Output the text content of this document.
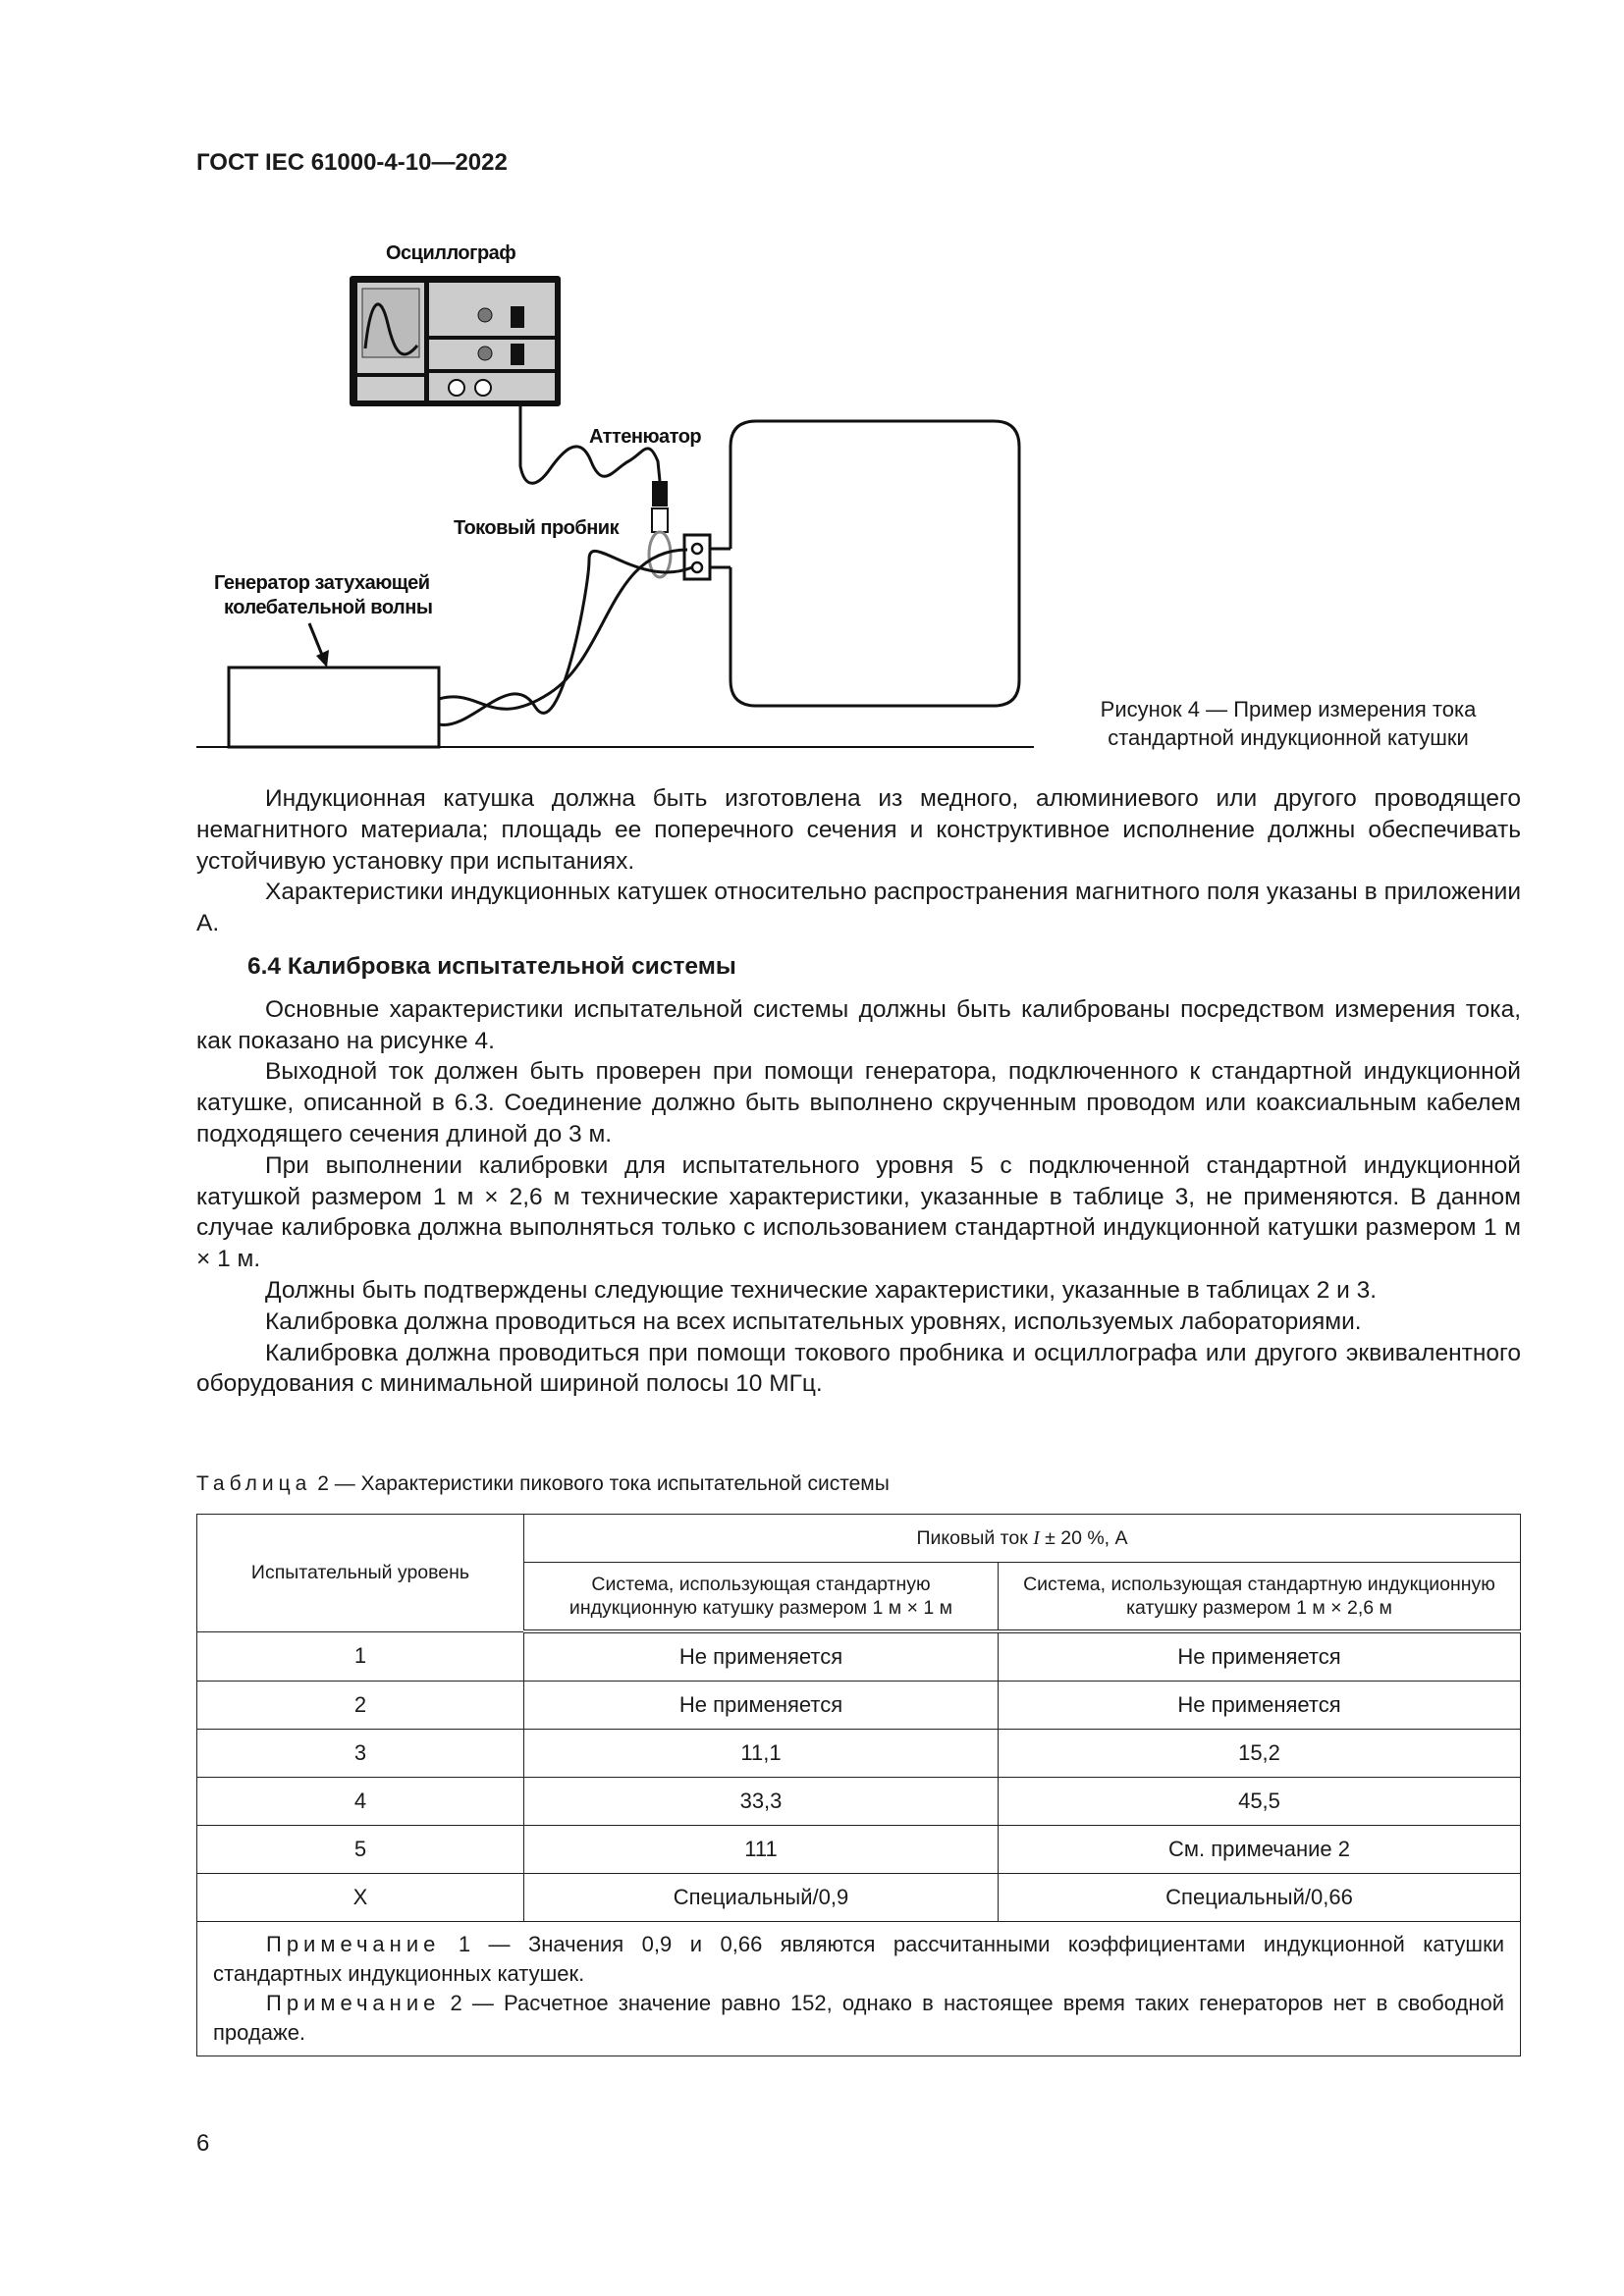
ГОСТ IEC 61000-4-10—2022
Осциллограф
Аттенюатор
Токовый пробник
Генератор затухающей
колебательной волны
Рисунок 4 — Пример измерения тока
стандартной индукционной катушки

Индукционная катушка должна быть изготовлена из медного, алюминиевого или другого проводящего немагнитного материала; площадь ее поперечного сечения и конструктивное исполнение должны обеспечивать устойчивую установку при испытаниях.

Характеристики индукционных катушек относительно распространения магнитного поля указаны в приложении А.

6.4 Калибровка испытательной системы

Основные характеристики испытательной системы должны быть калиброваны посредством измерения тока, как показано на рисунке 4.

Выходной ток должен быть проверен при помощи генератора, подключенного к стандартной индукционной катушке, описанной в 6.3. Соединение должно быть выполнено скрученным проводом или коаксиальным кабелем подходящего сечения длиной до 3 м.

При выполнении калибровки для испытательного уровня 5 с подключенной стандартной индукционной катушкой размером 1 м × 2,6 м технические характеристики, указанные в таблице 3, не применяются. В данном случае калибровка должна выполняться только с использованием стандартной индукционной катушки размером 1 м × 1 м.

Должны быть подтверждены следующие технические характеристики, указанные в таблицах 2 и 3.

Калибровка должна проводиться на всех испытательных уровнях, используемых лабораториями.

Калибровка должна проводиться при помощи токового пробника и осциллографа или другого эквивалентного оборудования с минимальной шириной полосы 10 МГц.

Таблица 2 — Характеристики пикового тока испытательной системы
Испытательный уровень	Пиковый ток I ± 20 %, А	
	Система, использующая стандартную индукционную катушку размером 1 м × 1 м	Система, использующая стандартную индукционную катушку размером 1 м × 2,6 м
1	Не применяется	Не применяется
2	Не применяется	Не применяется
3	11,1	15,2
4	33,3	45,5
5	111	См. примечание 2
X	Специальный/0,9	Специальный/0,66

Примечание 1 — Значения 0,9 и 0,66 являются рассчитанными коэффициентами индукционной катушки стандартных индукционных катушек.

Примечание 2 — Расчетное значение равно 152, однако в настоящее время таких генераторов нет в свободной продаже.		

6
